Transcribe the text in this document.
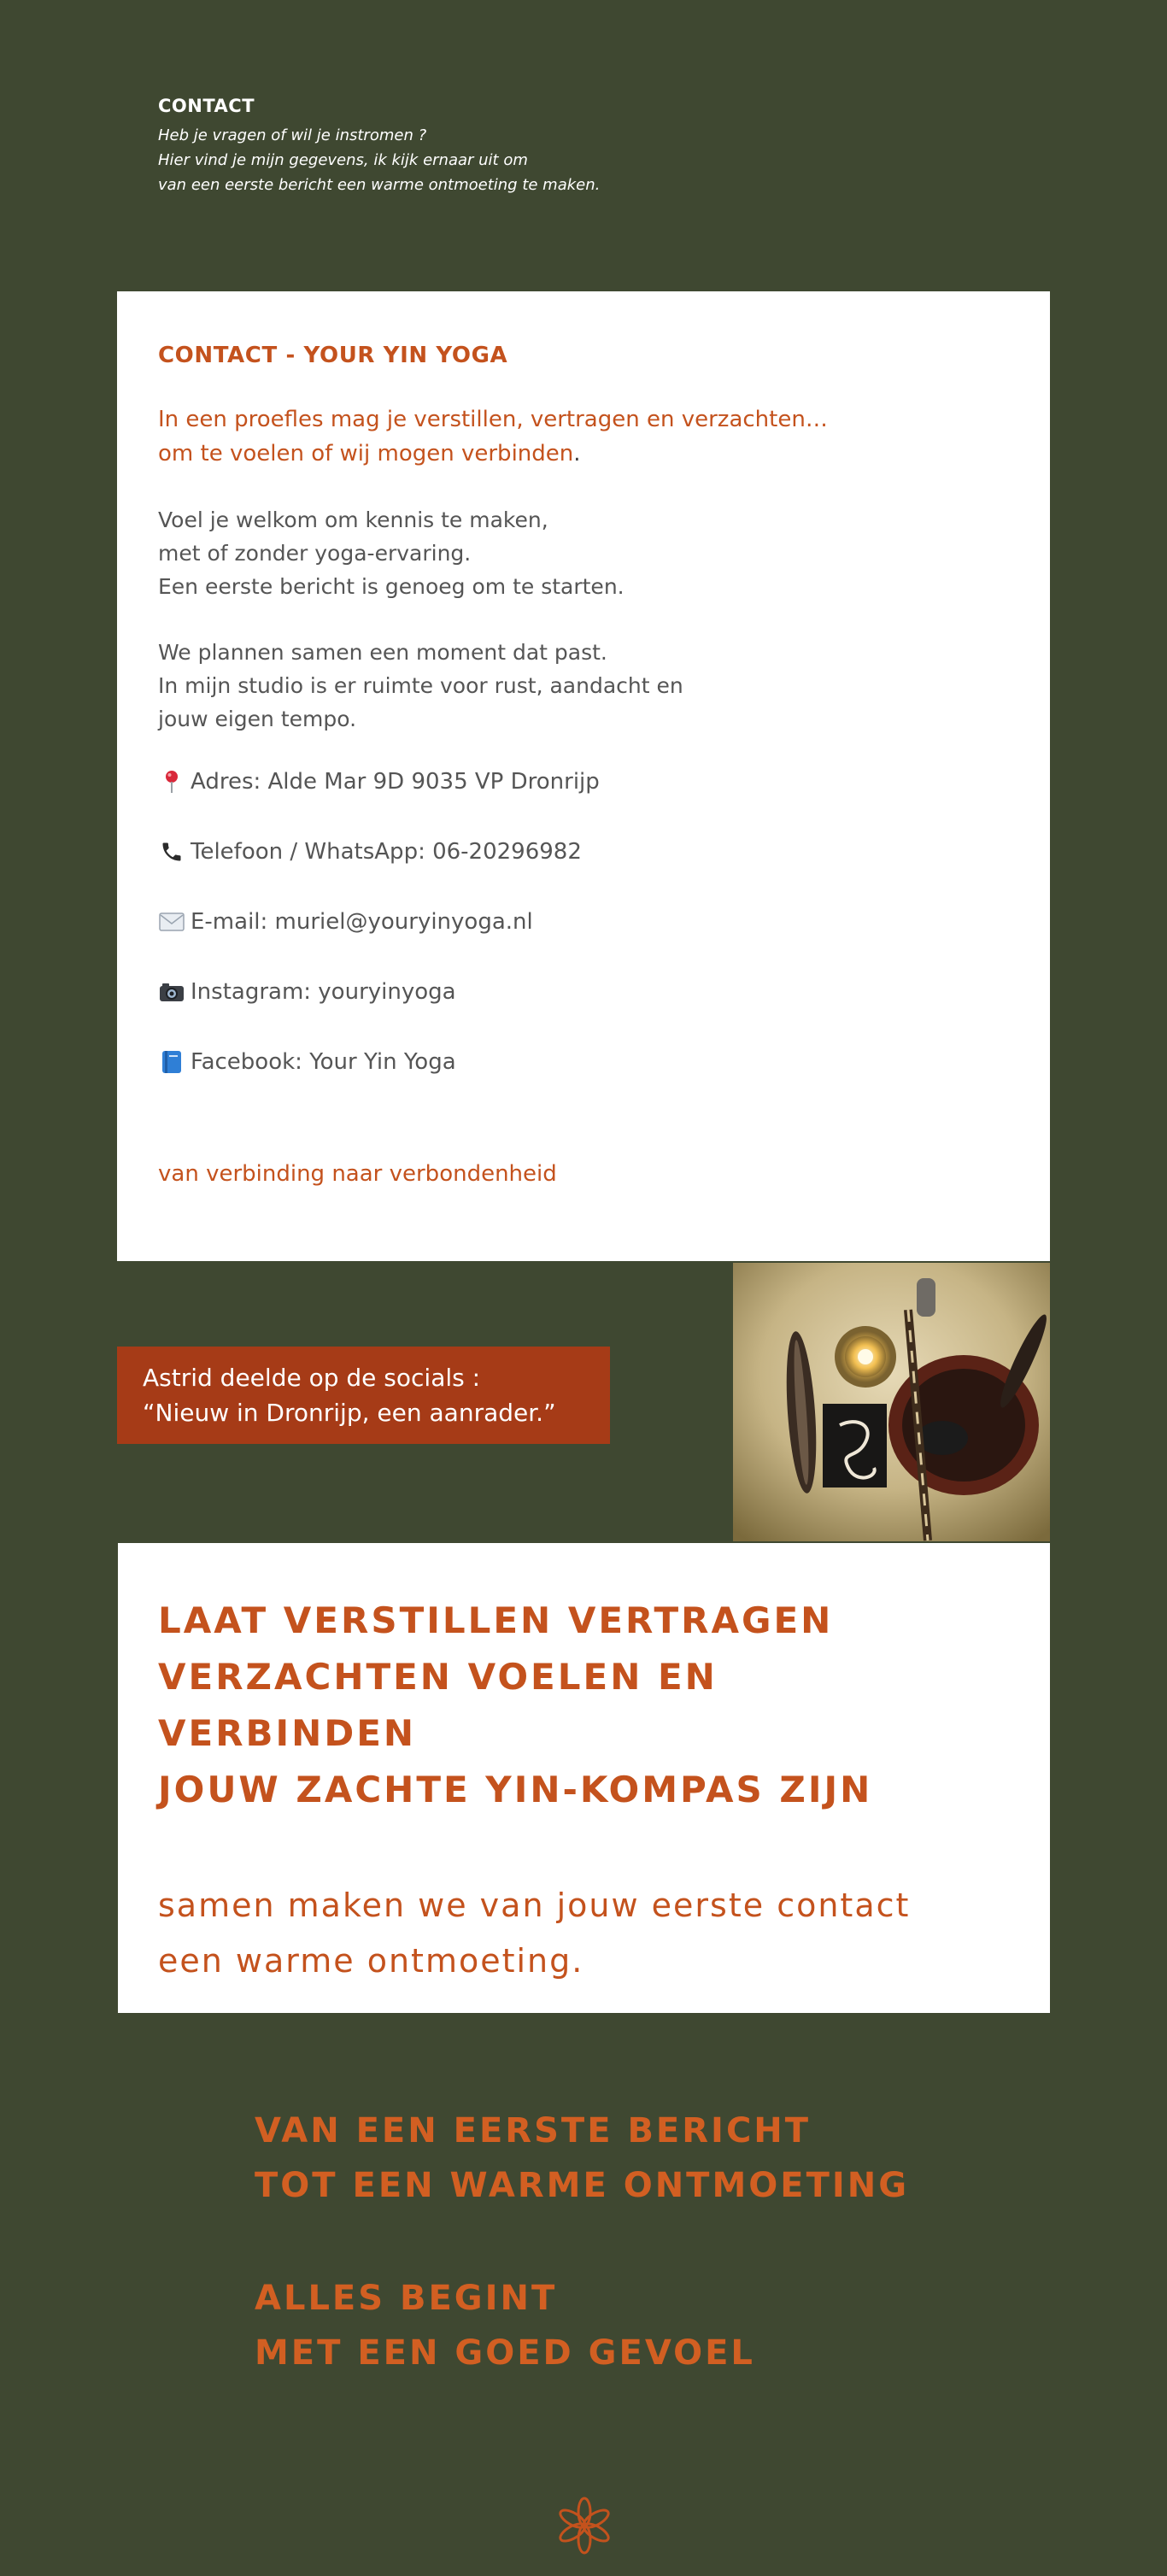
CONTACT
Heb je vragen of wil je instromen ?
Hier vind je mijn gegevens, ik kijk ernaar uit om
van een eerste bericht een warme ontmoeting te maken.
CONTACT - YOUR YIN YOGA
In een proefles mag je verstillen, vertragen en verzachten…
om te voelen of wij mogen verbinden.
Voel je welkom om kennis te maken,
met of zonder yoga-ervaring.
Een eerste bericht is genoeg om te starten.
We plannen samen een moment dat past.
In mijn studio is er ruimte voor rust, aandacht en
jouw eigen tempo.
Adres: Alde Mar 9D 9035 VP Dronrijp
Telefoon / WhatsApp: 06-20296982
E-mail: muriel@youryinyoga.nl
Instagram: youryinyoga
Facebook: Your Yin Yoga
van verbinding naar verbondenheid
Astrid deelde op de socials :
“Nieuw in Dronrijp, een aanrader.”
LAAT VERSTILLEN VERTRAGEN
VERZACHTEN VOELEN EN
VERBINDEN
JOUW ZACHTE YIN-KOMPAS ZIJN
samen maken we van jouw eerste contact
een warme ontmoeting.
VAN EEN EERSTE BERICHT
TOT EEN WARME ONTMOETING
ALLES BEGINT
MET EEN GOED GEVOEL
